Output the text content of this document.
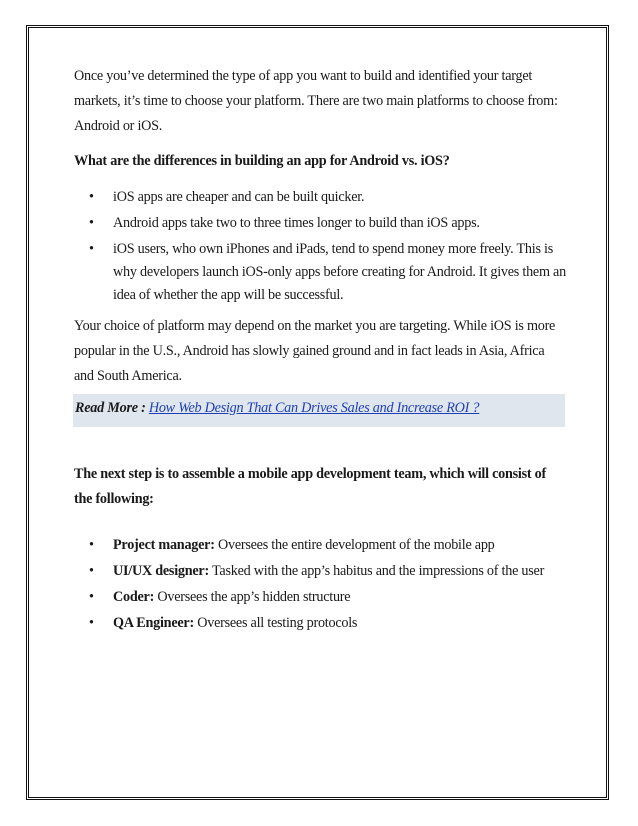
Once you’ve determined the type of app you want to build and identified your target markets, it’s time to choose your platform. There are two main platforms to choose from: Android or iOS.

What are the differences in building an app for Android vs. iOS?

• iOS apps are cheaper and can be built quicker.
• Android apps take two to three times longer to build than iOS apps.
• iOS users, who own iPhones and iPads, tend to spend money more freely. This is why developers launch iOS-only apps before creating for Android. It gives them an idea of whether the app will be successful.

Your choice of platform may depend on the market you are targeting. While iOS is more popular in the U.S., Android has slowly gained ground and in fact leads in Asia, Africa and South America.

Read More : How Web Design That Can Drives Sales and Increase ROI ?

The next step is to assemble a mobile app development team, which will consist of the following:

• Project manager: Oversees the entire development of the mobile app
• UI/UX designer: Tasked with the app’s habitus and the impressions of the user
• Coder: Oversees the app’s hidden structure
• QA Engineer: Oversees all testing protocols
